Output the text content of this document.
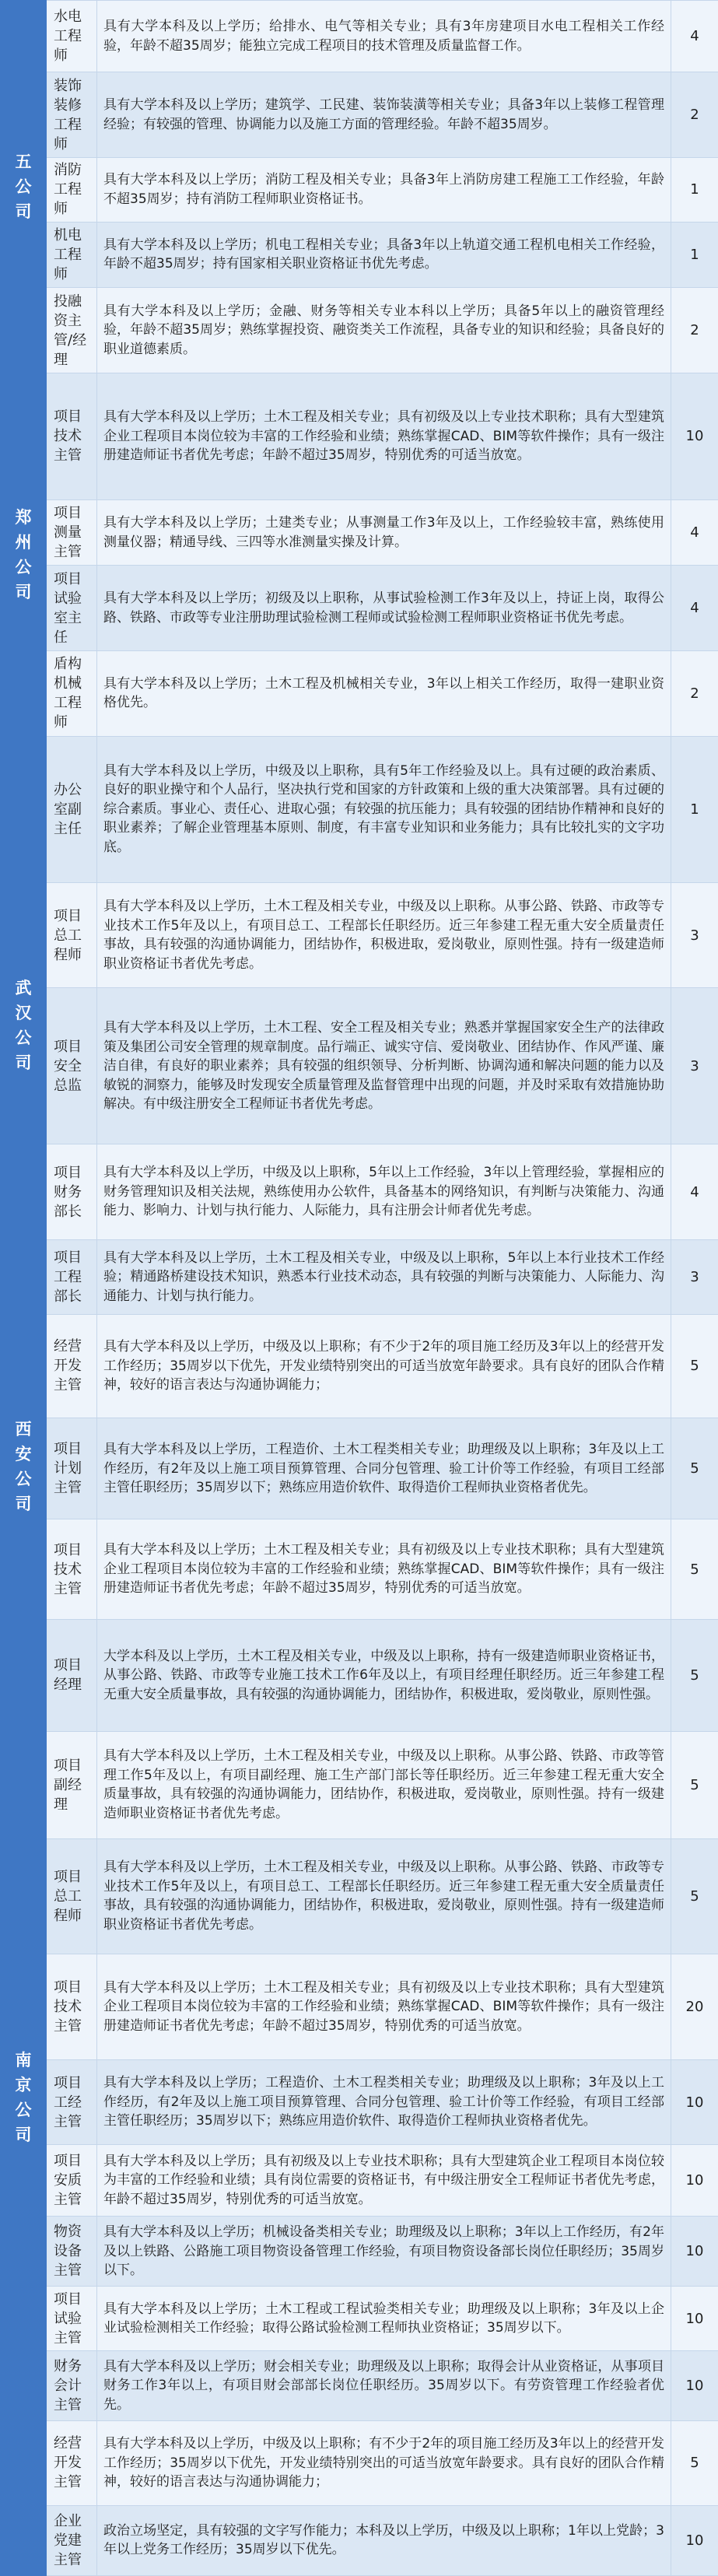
五公司	水电工程师	具有大学本科及以上学历；给排水、电气等相关专业；具有3年房建项目水电工程相关工作经验，年龄不超35周岁；能独立完成工程项目的技术管理及质量监督工作。	4
	装饰装修工程师	具有大学本科及以上学历；建筑学、工民建、装饰装潢等相关专业；具备3年以上装修工程管理经验；有较强的管理、协调能力以及施工方面的管理经验。年龄不超35周岁。	2
	消防工程师	具有大学本科及以上学历；消防工程及相关专业；具备3年上消防房建工程施工工作经验，年龄不超35周岁；持有消防工程师职业资格证书。	1
	机电工程师	具有大学本科及以上学历；机电工程相关专业；具备3年以上轨道交通工程机电相关工作经验，年龄不超35周岁；持有国家相关职业资格证书优先考虑。	1
	投融资主管/经理	具有大学本科及以上学历；金融、财务等相关专业本科以上学历；具备5年以上的融资管理经验，年龄不超35周岁；熟练掌握投资、融资类关工作流程，具备专业的知识和经验；具备良好的职业道德素质。	2
郑州公司	项目技术主管	具有大学本科及以上学历；土木工程及相关专业；具有初级及以上专业技术职称；具有大型建筑企业工程项目本岗位较为丰富的工作经验和业绩；熟练掌握CAD、BIM等软件操作；具有一级注册建造师证书者优先考虑；年龄不超过35周岁，特别优秀的可适当放宽。	10
	项目测量主管	具有大学本科及以上学历；土建类专业；从事测量工作3年及以上，工作经验较丰富，熟练使用测量仪器；精通导线、三四等水准测量实操及计算。	4
	项目试验室主任	具有大学本科及以上学历；初级及以上职称，从事试验检测工作3年及以上，持证上岗，取得公路、铁路、市政等专业注册助理试验检测工程师或试验检测工程师职业资格证书优先考虑。	4
	盾构机械工程师	具有大学本科及以上学历；土木工程及机械相关专业，3年以上相关工作经历，取得一建职业资格优先。	2
武汉公司	办公室副主任	具有大学本科及以上学历，中级及以上职称，具有5年工作经验及以上。具有过硬的政治素质、良好的职业操守和个人品行，坚决执行党和国家的方针政策和上级的重大决策部署。具有过硬的综合素质。事业心、责任心、进取心强；有较强的抗压能力；具有较强的团结协作精神和良好的职业素养；了解企业管理基本原则、制度，有丰富专业知识和业务能力；具有比较扎实的文字功底。	1
	项目总工程师	具有大学本科及以上学历，土木工程及相关专业，中级及以上职称。从事公路、铁路、市政等专业技术工作5年及以上，有项目总工、工程部长任职经历。近三年参建工程无重大安全质量责任事故，具有较强的沟通协调能力，团结协作，积极进取，爱岗敬业，原则性强。持有一级建造师职业资格证书者优先考虑。	3
	项目安全总监	具有大学本科及以上学历，土木工程、安全工程及相关专业；熟悉并掌握国家安全生产的法律政策及集团公司安全管理的规章制度。品行端正、诚实守信、爱岗敬业、团结协作、作风严谨、廉洁自律，有良好的职业素养；具有较强的组织领导、分析判断、协调沟通和解决问题的能力以及敏锐的洞察力，能够及时发现安全质量管理及监督管理中出现的问题，并及时采取有效措施协助解决。有中级注册安全工程师证书者优先考虑。	3
	项目财务部长	具有大学本科及以上学历，中级及以上职称，5年以上工作经验，3年以上管理经验，掌握相应的财务管理知识及相关法规，熟练使用办公软件，具备基本的网络知识，有判断与决策能力、沟通能力、影响力、计划与执行能力、人际能力，具有注册会计师者优先考虑。	4
	项目工程部长	具有大学本科及以上学历，土木工程及相关专业，中级及以上职称，5年以上本行业技术工作经验；精通路桥建设技术知识，熟悉本行业技术动态，具有较强的判断与决策能力、人际能力、沟通能力、计划与执行能力。	3
西安公司	经营开发主管	具有大学本科及以上学历，中级及以上职称；有不少于2年的项目施工经历及3年以上的经营开发工作经历；35周岁以下优先，开发业绩特别突出的可适当放宽年龄要求。具有良好的团队合作精神，较好的语言表达与沟通协调能力；	5
	项目计划主管	具有大学本科及以上学历，工程造价、土木工程类相关专业；助理级及以上职称；3年及以上工作经历，有2年及以上施工项目预算管理、合同分包管理、验工计价等工作经验，有项目工经部主管任职经历；35周岁以下；熟练应用造价软件、取得造价工程师执业资格者优先。	5
	项目技术主管	具有大学本科及以上学历；土木工程及相关专业；具有初级及以上专业技术职称；具有大型建筑企业工程项目本岗位较为丰富的工作经验和业绩；熟练掌握CAD、BIM等软件操作；具有一级注册建造师证书者优先考虑；年龄不超过35周岁，特别优秀的可适当放宽。	5
南京公司	项目经理	大学本科及以上学历，土木工程及相关专业，中级及以上职称，持有一级建造师职业资格证书，从事公路、铁路、市政等专业施工技术工作6年及以上，有项目经理任职经历。近三年参建工程无重大安全质量事故，具有较强的沟通协调能力，团结协作，积极进取，爱岗敬业，原则性强。	5
	项目副经理	具有大学本科及以上学历，土木工程及相关专业，中级及以上职称。从事公路、铁路、市政等管理工作5年及以上，有项目副经理、施工生产部门部长等任职经历。近三年参建工程无重大安全质量事故，具有较强的沟通协调能力，团结协作，积极进取，爱岗敬业，原则性强。持有一级建造师职业资格证书者优先考虑。	5
	项目总工程师	具有大学本科及以上学历，土木工程及相关专业，中级及以上职称。从事公路、铁路、市政等专业技术工作5年及以上，有项目总工、工程部长任职经历。近三年参建工程无重大安全质量责任事故，具有较强的沟通协调能力，团结协作，积极进取，爱岗敬业，原则性强。持有一级建造师职业资格证书者优先考虑。	5
	项目技术主管	具有大学本科及以上学历；土木工程及相关专业；具有初级及以上专业技术职称；具有大型建筑企业工程项目本岗位较为丰富的工作经验和业绩；熟练掌握CAD、BIM等软件操作；具有一级注册建造师证书者优先考虑；年龄不超过35周岁，特别优秀的可适当放宽。	20
	项目工经主管	具有大学本科及以上学历；工程造价、土木工程类相关专业；助理级及以上职称；3年及以上工作经历，有2年及以上施工项目预算管理、合同分包管理、验工计价等工作经验，有项目工经部主管任职经历；35周岁以下；熟练应用造价软件、取得造价工程师执业资格者优先。	10
	项目安质主管	具有大学本科及以上学历；具有初级及以上专业技术职称；具有大型建筑企业工程项目本岗位较为丰富的工作经验和业绩；具有岗位需要的资格证书，有中级注册安全工程师证书者优先考虑，年龄不超过35周岁，特别优秀的可适当放宽。	10
	物资设备主管	具有大学本科及以上学历；机械设备类相关专业；助理级及以上职称；3年以上工作经历，有2年及以上铁路、公路施工项目物资设备管理工作经验，有项目物资设备部长岗位任职经历；35周岁以下。	10
	项目试验主管	具有大学本科及以上学历；土木工程或工程试验类相关专业；助理级及以上职称；3年及以上企业试验检测相关工作经验；取得公路试验检测工程师执业资格证；35周岁以下。	10
	财务会计主管	具有大学本科及以上学历；财会相关专业；助理级及以上职称；取得会计从业资格证，从事项目财务工作3年以上，有项目财会部部长岗位任职经历。35周岁以下。有劳资管理工作经验者优先。	10
	经营开发主管	具有大学本科及以上学历，中级及以上职称；有不少于2年的项目施工经历及3年以上的经营开发工作经历；35周岁以下优先，开发业绩特别突出的可适当放宽年龄要求。具有良好的团队合作精神，较好的语言表达与沟通协调能力；	5
	企业党建主管	政治立场坚定，具有较强的文字写作能力；本科及以上学历，中级及以上职称；1年以上党龄；3年以上党务工作经历；35周岁以下优先。	10
